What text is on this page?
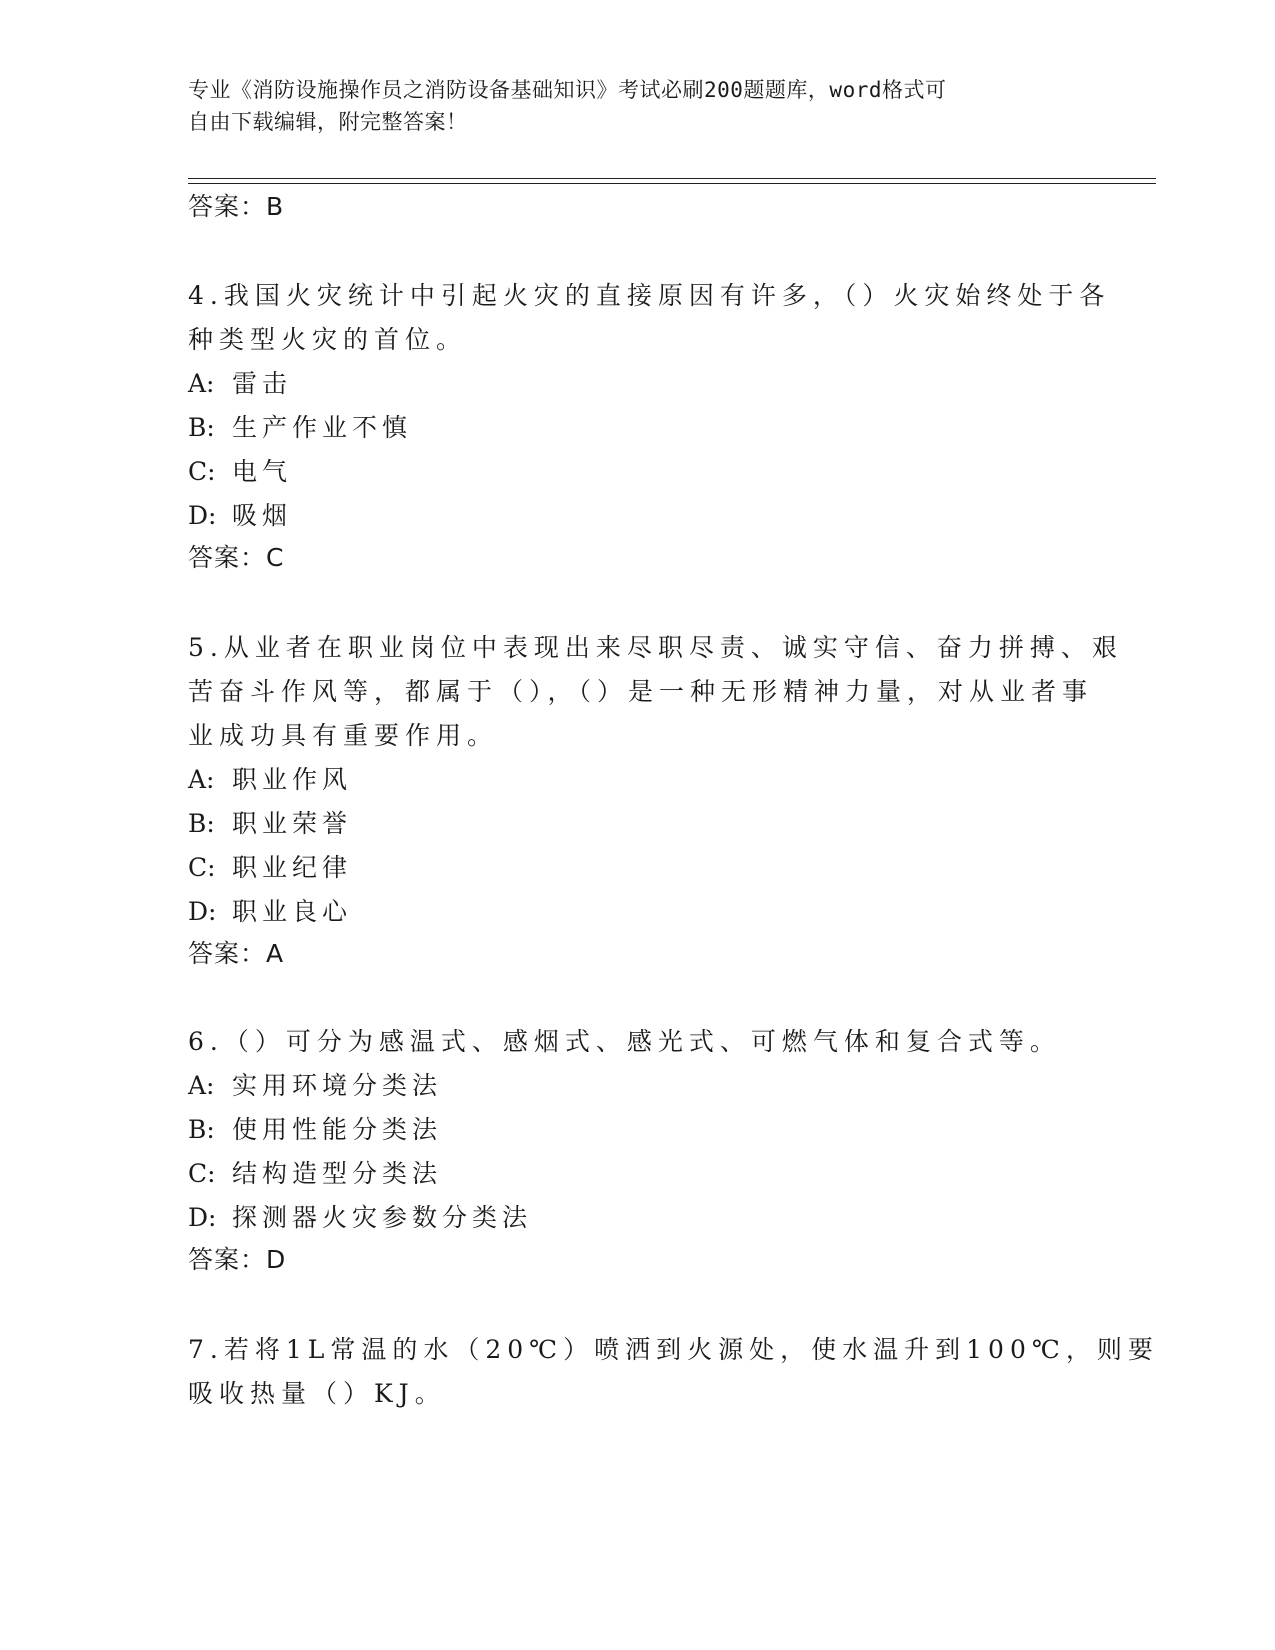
专业《消防设施操作员之消防设备基础知识》考试必刷200题题库，word格式可
自由下载编辑，附完整答案！
答案：B
4.我国火灾统计中引起火灾的直接原因有许多，（）火灾始终处于各
种类型火灾的首位。
A: 雷击
B: 生产作业不慎
C: 电气
D: 吸烟
答案：C
5.从业者在职业岗位中表现出来尽职尽责、诚实守信、奋力拼搏、艰
苦奋斗作风等，都属于（），（）是一种无形精神力量，对从业者事
业成功具有重要作用。
A: 职业作风
B: 职业荣誉
C: 职业纪律
D: 职业良心
答案：A
6.（）可分为感温式、感烟式、感光式、可燃气体和复合式等。
A: 实用环境分类法
B: 使用性能分类法
C: 结构造型分类法
D: 探测器火灾参数分类法
答案：D
7.若将1L常温的水（20℃）喷洒到火源处，使水温升到100℃，则要
吸收热量（）KJ。
